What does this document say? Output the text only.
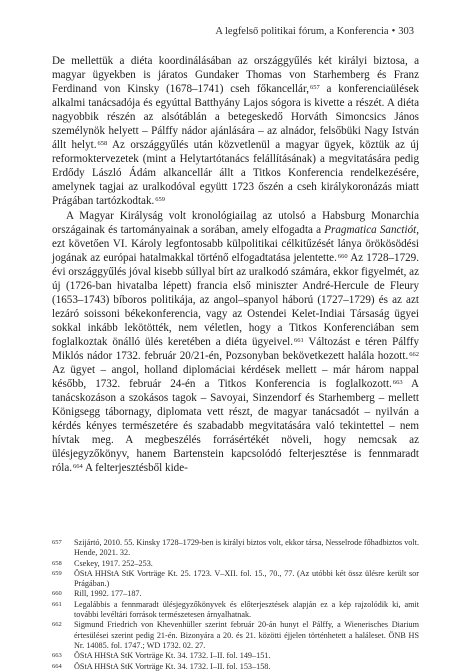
A legfelső politikai fórum, a Konferencia • 303

De mellettük a diéta koordinálásában az országgyűlés két királyi biztosa, a magyar ügyekben is járatos Gundaker Thomas von Starhemberg és Franz Ferdinand von Kinsky (1678–1741) cseh főkancellár,$^{657}$ a konferenciaülések alkalmi tanácsadója és egyúttal Batthyány Lajos sógora is kivette a részét. A diéta nagyobbik részén az alsótáblán a betegeskedő Horváth Simoncsics János személynök helyett – Pálffy nádor ajánlására – az alnádor, felsőbüki Nagy István állt helyt.$^{658}$ Az országgyűlés után közvetlenül a magyar ügyek, köztük az új reformoktervezetek (mint a Helytartótanács felállításának) a megvitatására pedig Erdődy László Ádám alkancellár állt a Titkos Konferencia rendelkezésére, amelynek tagjai az uralkodóval együtt 1723 őszén a cseh királykoronázás miatt Prágában tartózkodtak.$^{659}$

A Magyar Királyság volt kronológiailag az utolsó a Habsburg Monarchia országainak és tartományainak a sorában, amely elfogadta a Pragmatica Sanctiót, ezt követően VI. Károly legfontosabb külpolitikai célkitűzését lánya örökösödési jogának az európai hatalmakkal történő elfogadtatása jelentette.$^{660}$ Az 1728–1729. évi országgyűlés jóval kisebb súllyal bírt az uralkodó számára, ekkor figyelmét, az új (1726-ban hivatalba lépett) francia első miniszter André-Hercule de Fleury (1653–1743) bíboros politikája, az angol–spanyol háború (1727–1729) és az azt lezáró soissoni békekonferencia, vagy az Ostendei Kelet-Indiai Társaság ügyei sokkal inkább lekötötték, nem véletlen, hogy a Titkos Konferenciában sem foglalkoztak önálló ülés keretében a diéta ügyeivel.$^{661}$ Változást e téren Pálffy Miklós nádor 1732. február 20/21-én, Pozsonyban bekövetkezett halála hozott.$^{662}$ Az ügyet – angol, holland diplomáciai kérdések mellett – már három nappal később, 1732. február 24-én a Titkos Konferencia is foglalkozott.$^{663}$ A tanácskozáson a szokásos tagok – Savoyai, Sinzendorf és Starhemberg – mellett Königsegg tábornagy, diplomata vett részt, de magyar tanácsadót – nyilván a kérdés kényes természetére és szabadabb megvitatására való tekintettel – nem hívtak meg. A megbeszélés forrásértékét növeli, hogy nemcsak az ülésjegyzőkönyv, hanem Bartenstein kapcsolódó felterjesztése is fennmaradt róla.$^{664}$ A felterjesztésből kide-

657 Szijártó, 2010. 55. Kinsky 1728–1729-ben is királyi biztos volt, ekkor társa, Nesselrode főhadbiztos volt. Hende, 2021. 32.
658 Csekey, 1917. 252–253.
659 ÖStA HHStA StK Vorträge Kt. 25. 1723. V–XII. fol. 15., 70., 77. (Az utóbbi két össz ülésre került sor Prágában.)
660 Rill, 1992. 177–187.
661 Legalábbis a fennmaradt ülésjegyzőkönyvek és előterjesztések alapján ez a kép rajzolódik ki, amit további levéltári források természetesen árnyalhatnak.
662 Sigmund Friedrich von Khevenhüller szerint február 20-án hunyt el Pálffy, a Wienerisches Diarium értesülései szerint pedig 21-én. Bizonyára a 20. és 21. közötti éjjelen történhetett a haláleset. ÖNB HS Nr. 14085. fol. 1747.; WD 1732. 02. 27.
663 ÖStA HHStA StK Vorträge Kt. 34. 1732. I–II. fol. 149–151.
664 ÖStA HHStA StK Vorträge Kt. 34. 1732. I–II. fol. 153–158.
